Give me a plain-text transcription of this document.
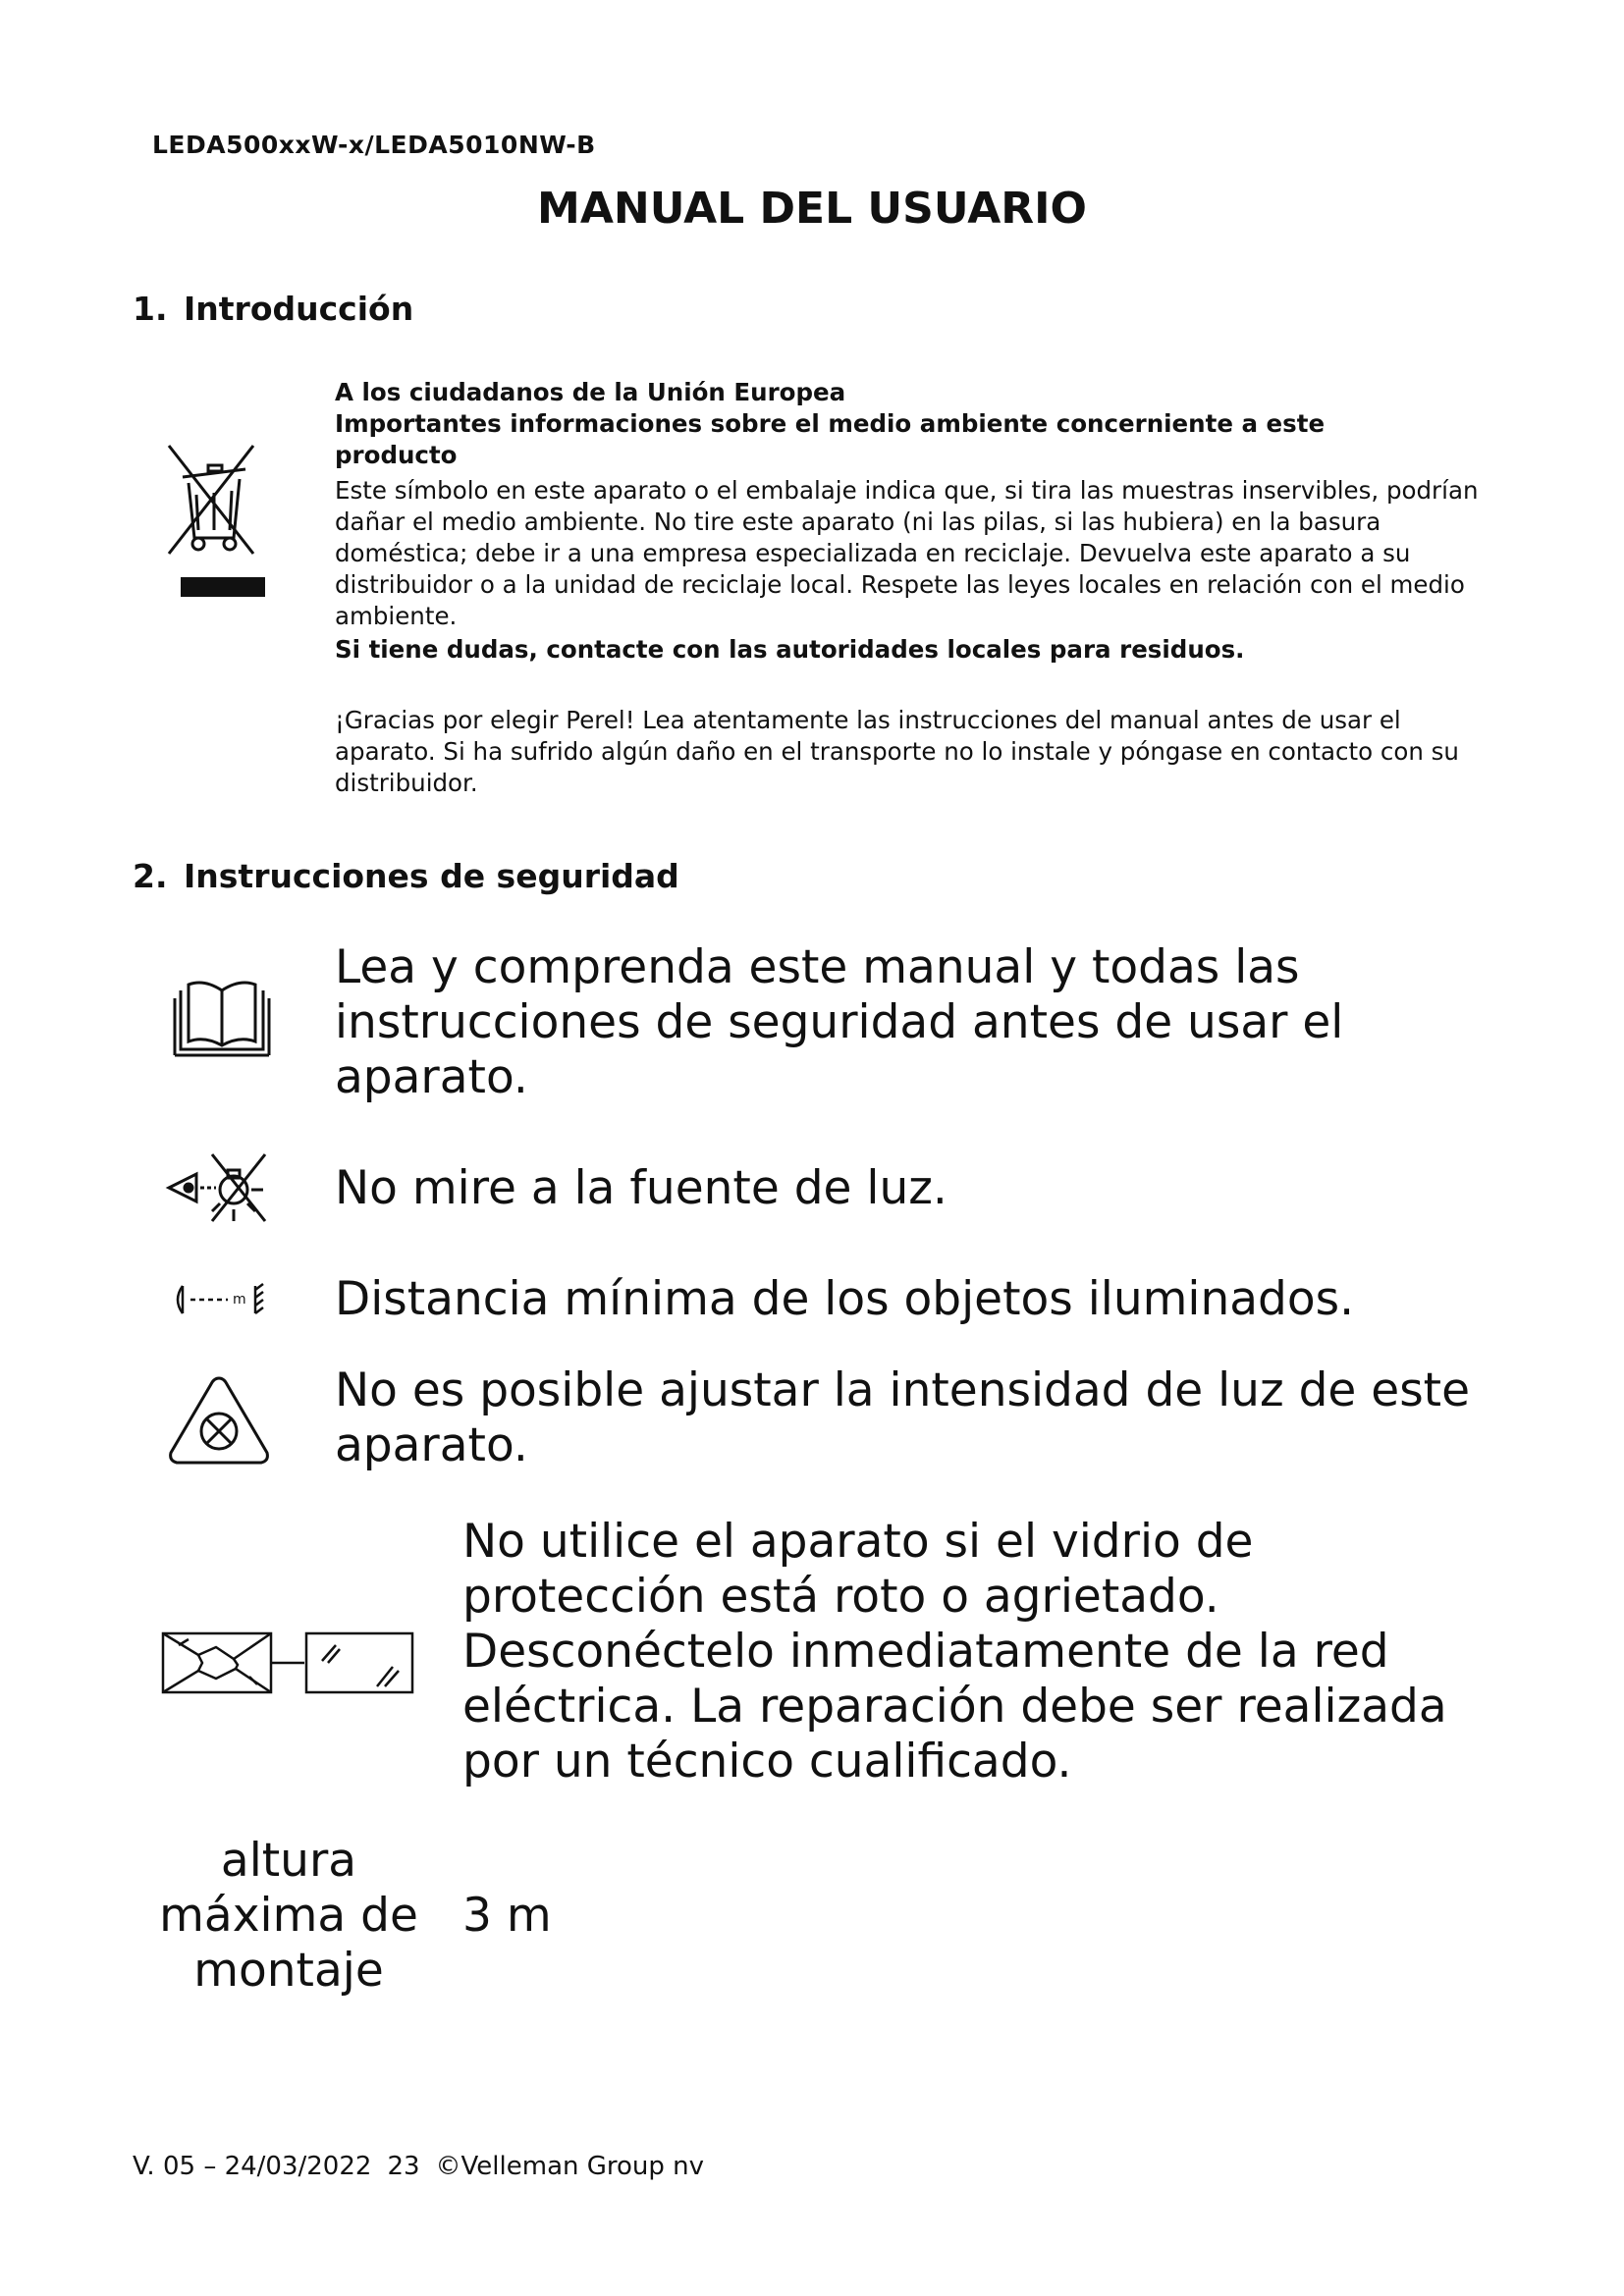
LEDA500xxW-x/LEDA5010NW-B
MANUAL DEL USUARIO
1. Introducción
A los ciudadanos de la Unión Europea
Importantes informaciones sobre el medio ambiente concerniente a este producto
Este símbolo en este aparato o el embalaje indica que, si tira las muestras inservibles, podrían dañar el medio ambiente. No tire este aparato (ni las pilas, si las hubiera) en la basura doméstica; debe ir a una empresa especializada en reciclaje. Devuelva este aparato a su distribuidor o a la unidad de reciclaje local. Respete las leyes locales en relación con el medio ambiente.
Si tiene dudas, contacte con las autoridades locales para residuos.
¡Gracias por elegir Perel! Lea atentamente las instrucciones del manual antes de usar el aparato. Si ha sufrido algún daño en el transporte no lo instale y póngase en contacto con su distribuidor.
2. Instrucciones de seguridad
Lea y comprenda este manual y todas las instrucciones de seguridad antes de usar el aparato.
No mire a la fuente de luz.
m Distancia mínima de los objetos iluminados.
No es posible ajustar la intensidad de luz de este aparato.
No utilice el aparato si el vidrio de protección está roto o agrietado. Desconéctelo inmediatamente de la red eléctrica. La reparación debe ser realizada por un técnico cualificado.
altura
máxima de
montaje
3 m
V. 05 – 24/03/2022 23 ©Velleman Group nv
